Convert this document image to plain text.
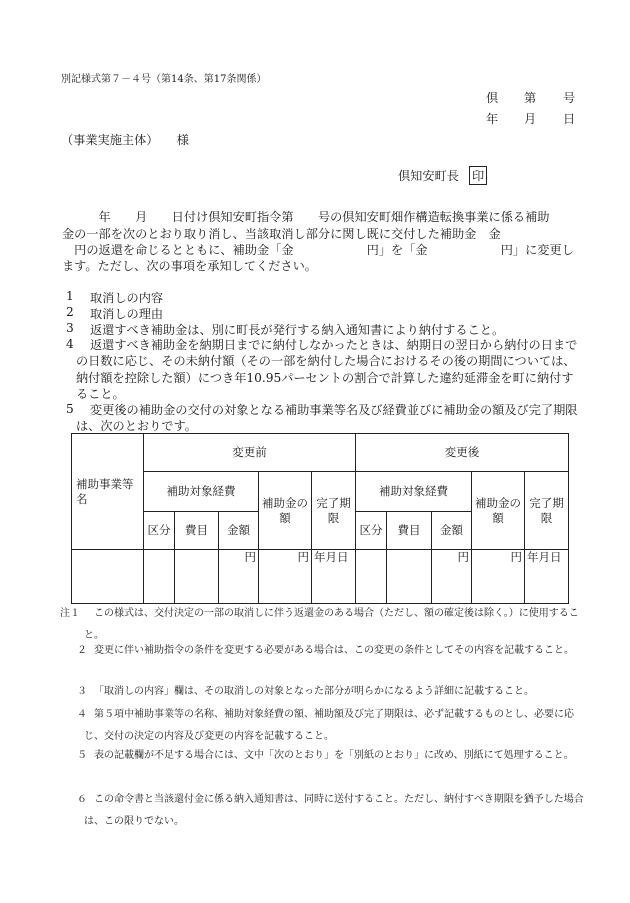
別記様式第７－４号（第14条、第17条関係）
倶 第 号
年 月 日
（事業実施主体）　　様
倶知安町長 印
　　　年　　月　　日付け倶知安町指令第　　号の倶知安町畑作構造転換事業に係る補助
金の一部を次のとおり取り消し、当該取消し部分に関し既に交付した補助金　金
　円の返還を命じるとともに、補助金「金　　　　　　円」を「金　　　　　　円」に変更し
ます。ただし、次の事項を承知してください。
1 取消しの内容
2 取消しの理由
3 返還すべき補助金は、別に町長が発行する納入通知書により納付すること。
4	返還すべき補助金を納期日までに納付しなかったときは、納期日の翌日から納付の日までの日数に応じ、その未納付額（その一部を納付した場合におけるその後の期間については、納付額を控除した額）につき年10.95パーセントの割合で計算した違約延滞金を町に納付すること。
5	変更後の補助金の交付の対象となる補助事業等名及び経費並びに補助金の額及び完了期限は、次のとおりです。
補助事業等名	変更前					変更後				
	補助対象経費			補助金の額	完了期限	補助対象経費			補助金の額	完了期限
	区分	費目	金額			区分	費目	金額		
			円	円	年月日			円	円	年月日
注１	この様式は、交付決定の一部の取消しに伴う返還金のある場合（ただし、額の確定後は除く。）に使用すること。
２ 変更に伴い補助指令の条件を変更する必要がある場合は、この変更の条件としてその内容を記載すること。
３ 「取消しの内容」欄は、その取消しの対象となった部分が明らかになるよう詳細に記載すること。
４ 第５項中補助事業等の名称、補助対象経費の額、補助額及び完了期限は、必ず記載するものとし、必要に応じ、交付の決定の内容及び変更の内容を記載すること。
５ 表の記載欄が不足する場合には、文中「次のとおり」を「別紙のとおり」に改め、別紙にて処理すること。
６ この命令書と当該還付金に係る納入通知書は、同時に送付すること。ただし、納付すべき期限を猶予した場合は、この限りでない。
